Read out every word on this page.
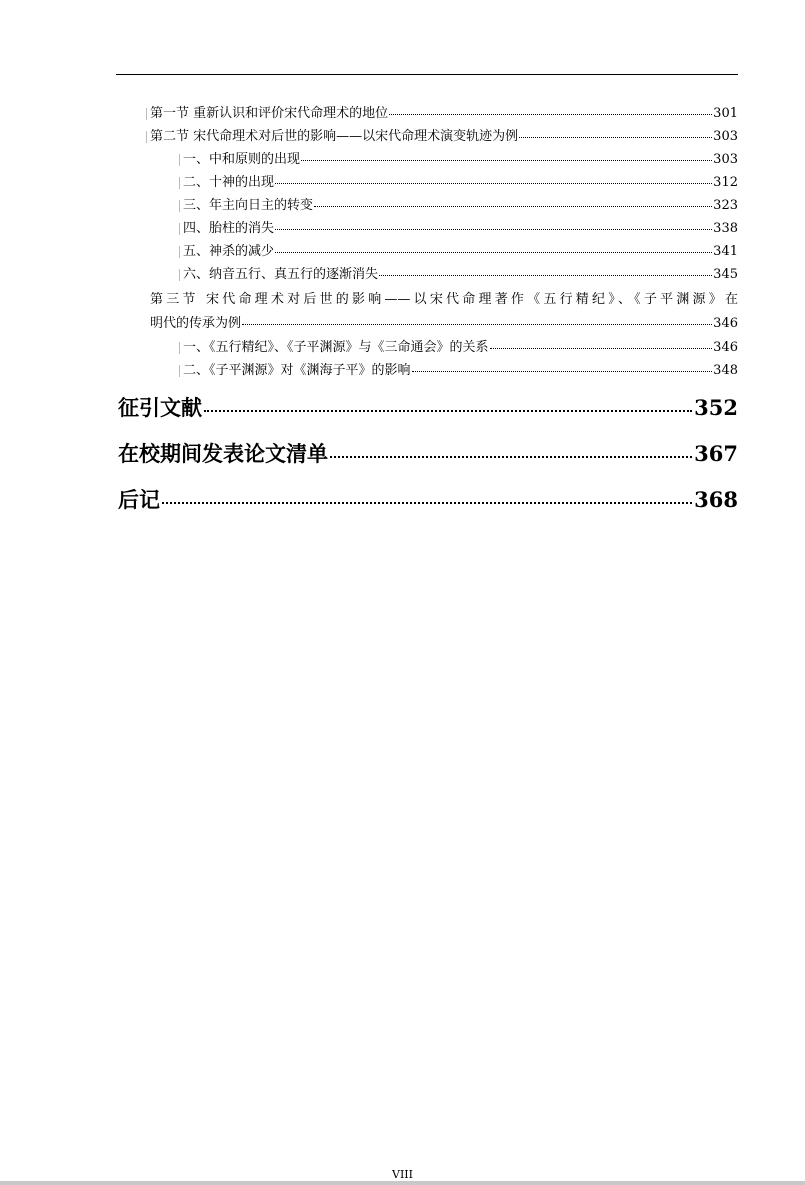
第一节 重新认识和评价宋代命理术的地位	301
第二节 宋代命理术对后世的影响——以宋代命理术演变轨迹为例	303
一、中和原则的出现	303
二、十神的出现	312
三、年主向日主的转变	323
四、胎柱的消失	338
五、神杀的减少	341
六、纳音五行、真五行的逐渐消失	345
第三节 宋代命理术对后世的影响——以宋代命理著作《五行精纪》、《子平渊源》在
明代的传承为例	346
一、《五行精纪》、《子平渊源》与《三命通会》的关系	346
二、《子平渊源》对《渊海子平》的影响	348
征引文献	352
在校期间发表论文清单	367
后记	368
VIII
